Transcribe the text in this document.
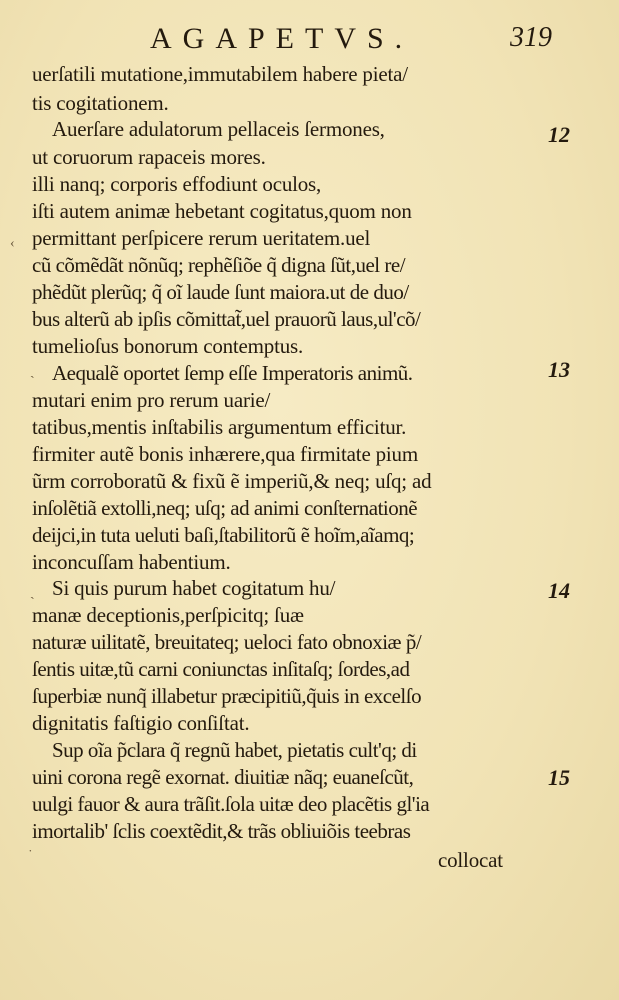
AGAPETVS.	319
uerſatili mutatione,immutabilem habere pieta/
tis cogitationem.
Auerſare adulatorum pellaceis ſermones,
ut coruorum rapaceis mores.
illi nanq; corporis effodiunt oculos,
iſti autem animæ hebetant cogitatus,quom non
permittant perſpicere rerum ueritatem.uel
cũ cõmẽdãt nõnũq; rephẽſiõe q̃ digna ſũt,uel re/
phẽdũt plerũq; q̃ oĩ laude ſunt maiora.ut de duo/
bus alterũ ab ipſis cõmittat̃,uel prauorũ laus,ul'cõ/
tumelioſus bonorum contemptus.
Aequalẽ oportet ſemp eſſe Imperatoris animũ.
mutari enim pro rerum uarie/
tatibus,mentis inſtabilis argumentum efficitur.
firmiter autẽ bonis inhærere,qua firmitate pium
ũrm corroboratũ & fixũ ẽ imperiũ,& neq; uſq; ad
inſolẽtiã extolli,neq; uſq; ad animi conſternationẽ
deijci,in tuta ueluti baſi,ſtabilitorũ ẽ hoĩm,aĩamq;
inconcuſſam habentium.
Si quis purum habet cogitatum hu/
manæ deceptionis,perſpicitq; ſuæ
naturæ uilitatẽ, breuitateq; ueloci fato obnoxiæ p̃/
ſentis uitæ,tũ carni coniunctas inſitaſq; ſordes,ad
ſuperbiæ nunq̃ illabetur præcipitiũ,q̃uis in excelſo
dignitatis faſtigio conſiſtat.
Sup oĩa p̃clara q̃ regnũ habet, pietatis cult'q; di
uini corona regẽ exornat. diuitiæ nãq; euaneſcũt,
uulgi fauor & aura trãſit.ſola uitæ deo placẽtis gl'ia
imortalib' ſclis coextẽdit,& trãs obliuiõis teebras
collocat
12
13
14
15
‹
ˎ
ˎ
˙
